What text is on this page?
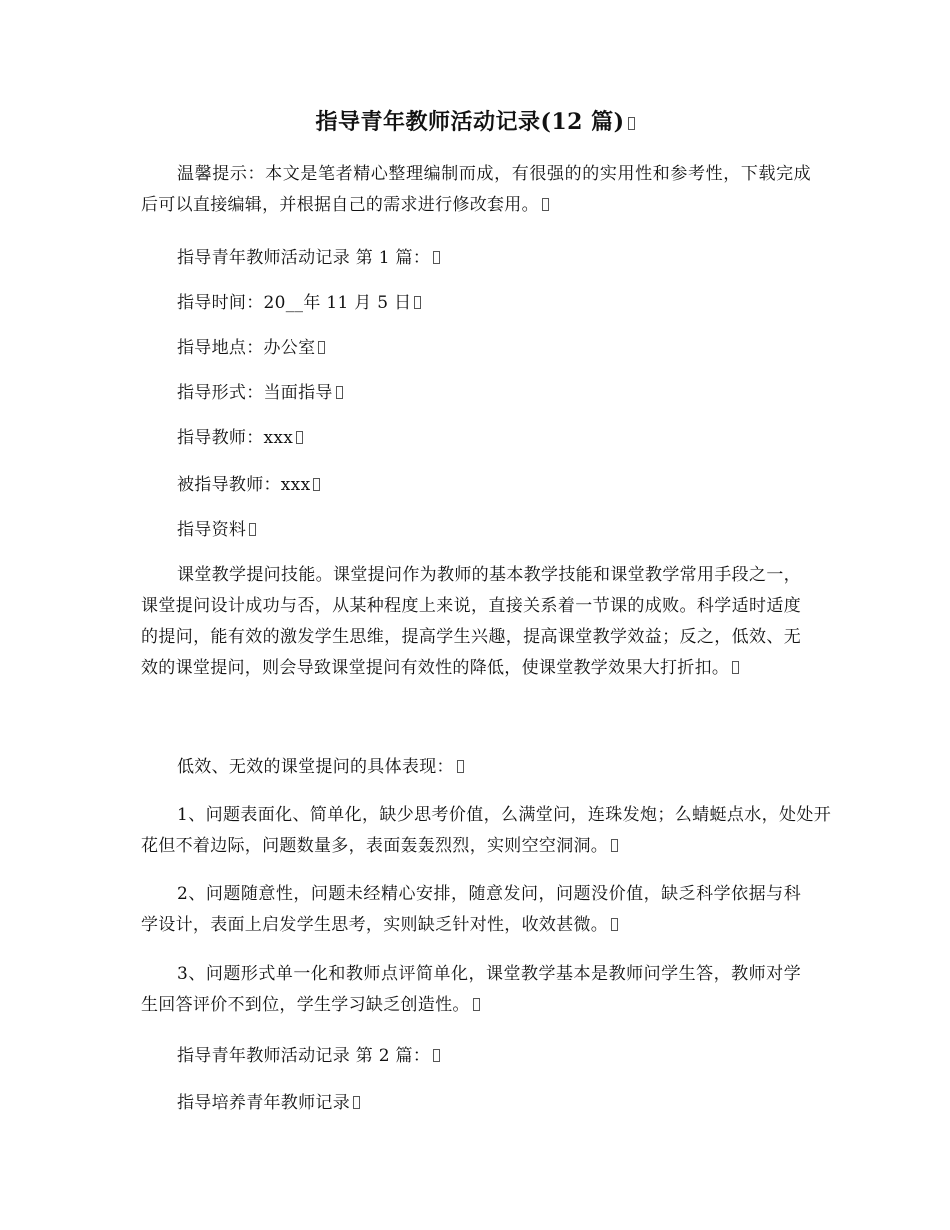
指导青年教师活动记录(12 篇)
温馨提示：本文是笔者精心整理编制而成，有很强的的实用性和参考性，下载完成后可以直接编辑，并根据自己的需求进行修改套用。
指导青年教师活动记录 第 1 篇：
指导时间：20__年 11 月 5 日
指导地点：办公室
指导形式：当面指导
指导教师：xxx
被指导教师：xxx
指导资料
课堂教学提问技能。课堂提问作为教师的基本教学技能和课堂教学常用手段之一，课堂提问设计成功与否，从某种程度上来说，直接关系着一节课的成败。科学适时适度的提问，能有效的激发学生思维，提高学生兴趣，提高课堂教学效益；反之，低效、无效的课堂提问，则会导致课堂提问有效性的降低，使课堂教学效果大打折扣。
低效、无效的课堂提问的具体表现：
1、问题表面化、简单化，缺少思考价值，么满堂问，连珠发炮；么蜻蜓点水，处处开花但不着边际，问题数量多，表面轰轰烈烈，实则空空洞洞。
2、问题随意性，问题未经精心安排，随意发问，问题没价值，缺乏科学依据与科学设计，表面上启发学生思考，实则缺乏针对性，收效甚微。
3、问题形式单一化和教师点评简单化，课堂教学基本是教师问学生答，教师对学生回答评价不到位，学生学习缺乏创造性。
指导青年教师活动记录 第 2 篇：
指导培养青年教师记录
